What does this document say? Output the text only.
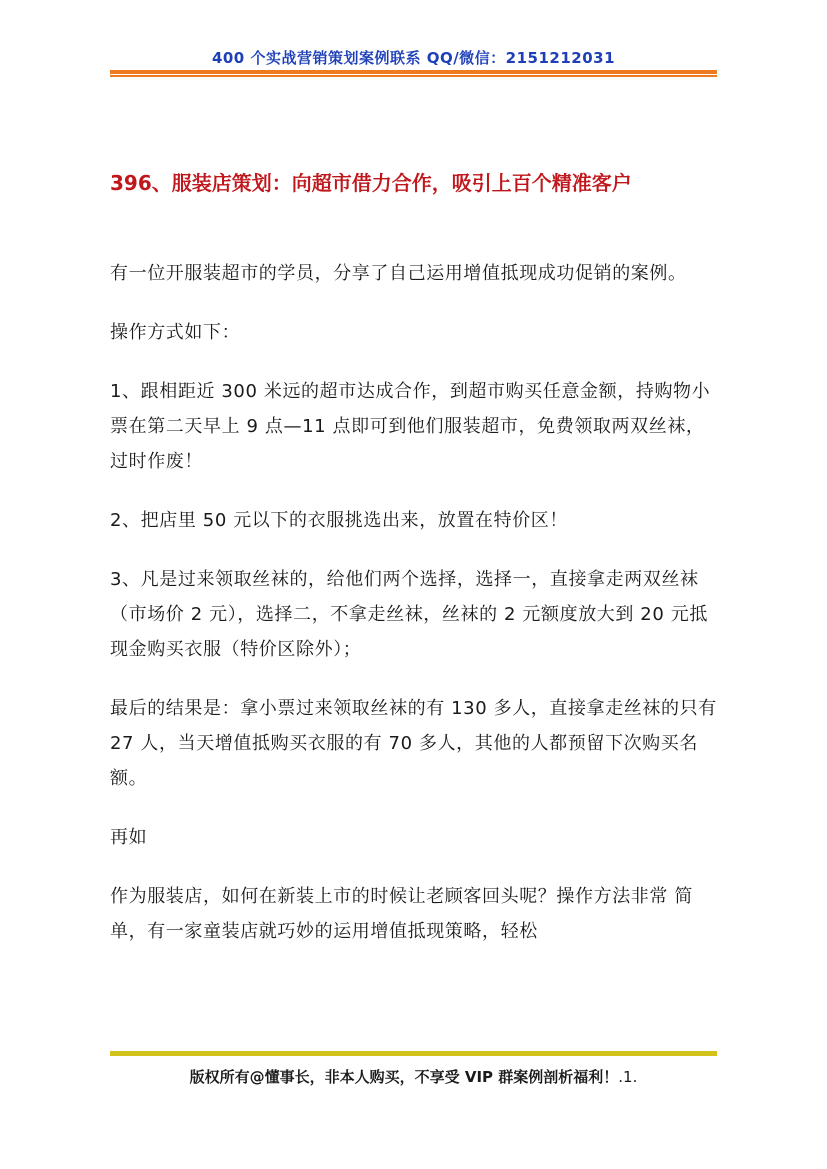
400 个实战营销策划案例联系 QQ/微信：2151212031
396、服装店策划：向超市借力合作，吸引上百个精准客户

有一位开服装超市的学员，分享了自己运用增值抵现成功促销的案例。

操作方式如下：

1、跟相距近 300 米远的超市达成合作，到超市购买任意金额，持购物小票在第二天早上 9 点—11 点即可到他们服装超市，免费领取两双丝袜，过时作废！

2、把店里 50 元以下的衣服挑选出来，放置在特价区！

3、凡是过来领取丝袜的，给他们两个选择，选择一，直接拿走两双丝袜（市场价 2 元），选择二，不拿走丝袜，丝袜的 2 元额度放大到 20 元抵现金购买衣服（特价区除外）；

最后的结果是：拿小票过来领取丝袜的有 130 多人，直接拿走丝袜的只有 27 人，当天增值抵购买衣服的有 70 多人，其他的人都预留下次购买名额。

再如

作为服装店，如何在新装上市的时候让老顾客回头呢？操作方法非常 简单，有一家童装店就巧妙的运用增值抵现策略，轻松

版权所有@懂事长，非本人购买，不享受 VIP 群案例剖析福利！.1.
